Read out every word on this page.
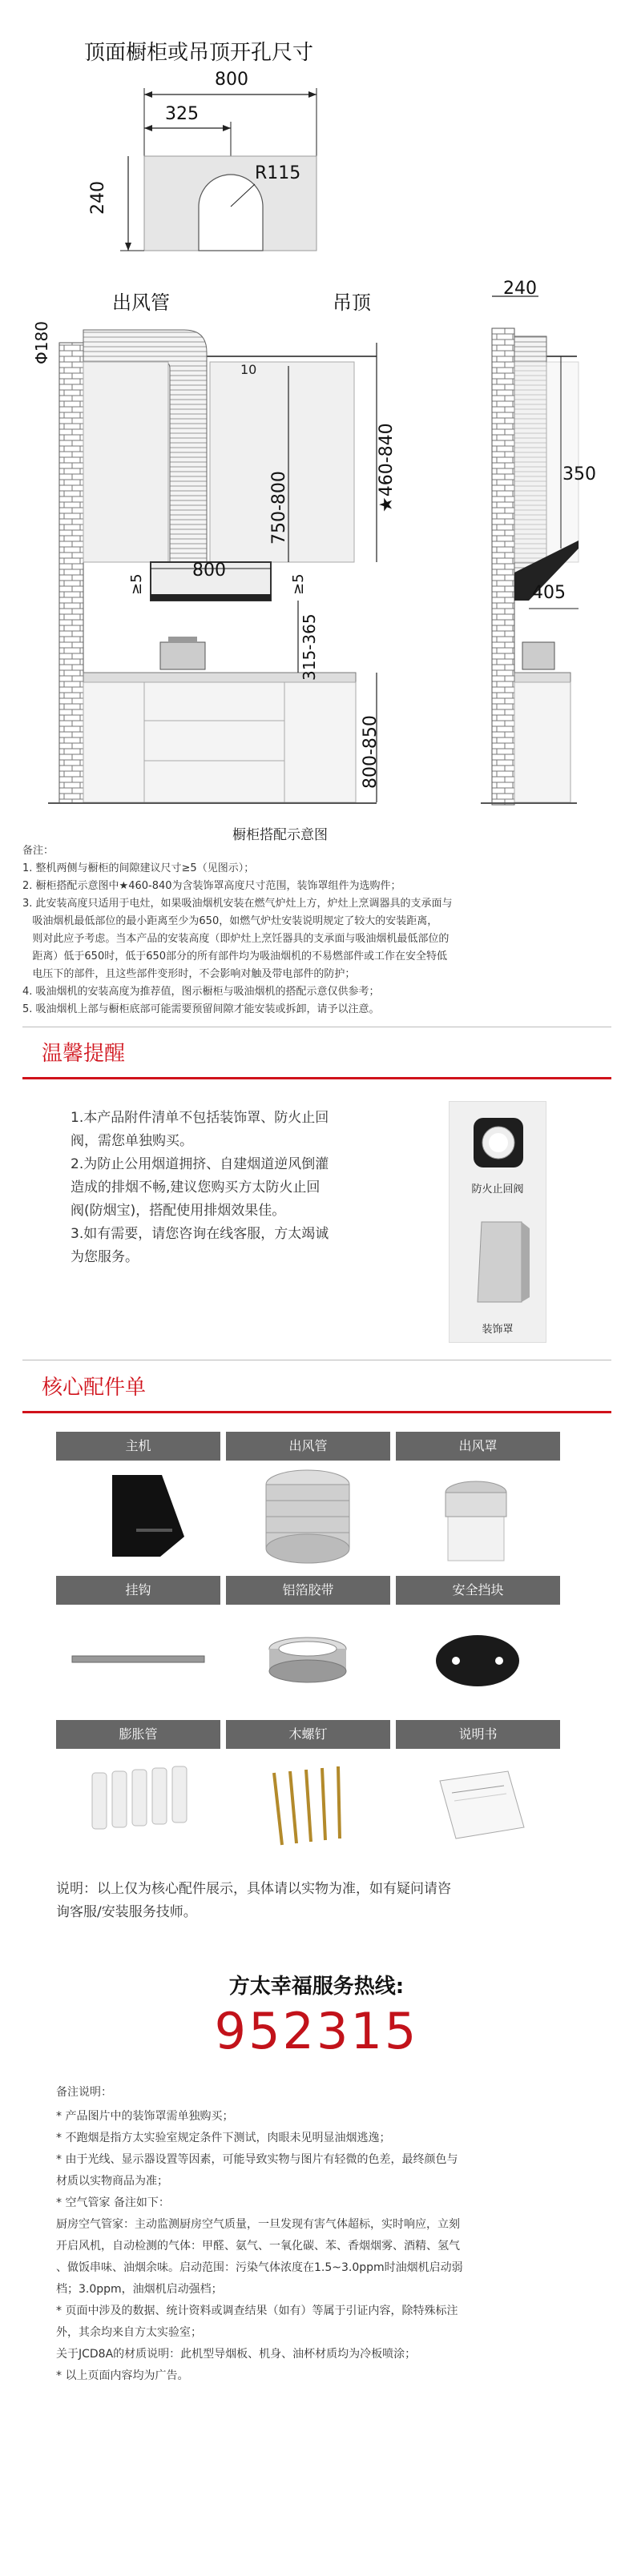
顶面橱柜或吊顶开孔尺寸
800
325
R115
240
出风管	吊顶
Φ180
10
★460-840
750-800
≥5
800
≥5
315-365
800-850
240
350
405
橱柜搭配示意图
备注：
1. 整机两侧与橱柜的间隙建议尺寸≥5（见图示）；
2. 橱柜搭配示意图中★460-840为含装饰罩高度尺寸范围，装饰罩组件为选购件；
3. 此安装高度只适用于电灶，如果吸油烟机安装在燃气炉灶上方，炉灶上烹调器具的支承面与
吸油烟机最低部位的最小距离至少为650，如燃气炉灶安装说明规定了较大的安装距离，
则对此应予考虑。当本产品的安装高度（即炉灶上烹饪器具的支承面与吸油烟机最低部位的
距离）低于650时，低于650部分的所有部件均为吸油烟机的不易燃部件或工作在安全特低
电压下的部件，且这些部件变形时，不会影响对触及带电部件的防护；
4. 吸油烟机的安装高度为推荐值，图示橱柜与吸油烟机的搭配示意仅供参考；
5. 吸油烟机上部与橱柜底部可能需要预留间隙才能安装或拆卸，请予以注意。
温馨提醒
1.本产品附件清单不包括装饰罩、防火止回
阀，需您单独购买。
2.为防止公用烟道拥挤、自建烟道逆风倒灌
造成的排烟不畅,建议您购买方太防火止回
阀(防烟宝)，搭配使用排烟效果佳。
3.如有需要，请您咨询在线客服，方太竭诚
为您服务。
防火止回阀
装饰罩
核心配件单
主机	出风管	出风罩
挂钩	铝箔胶带	安全挡块
膨胀管	木螺钉	说明书
说明：以上仅为核心配件展示，具体请以实物为准，如有疑问请咨
询客服/安装服务技师。
方太幸福服务热线:
952315
备注说明：
* 产品图片中的装饰罩需单独购买；
* 不跑烟是指方太实验室规定条件下测试，肉眼未见明显油烟逃逸；
* 由于光线、显示器设置等因素，可能导致实物与图片有轻微的色差，最终颜色与
材质以实物商品为准；
* 空气管家 备注如下：
厨房空气管家：主动监测厨房空气质量，一旦发现有害气体超标，实时响应，立刻
开启风机，自动检测的气体：甲醛、氨气、一氧化碳、苯、香烟烟雾、酒精、氢气
、做饭串味、油烟余味。启动范围：污染气体浓度在1.5~3.0ppm时油烟机启动弱
档；3.0ppm，油烟机启动强档；
* 页面中涉及的数据、统计资料或调查结果（如有）等属于引证内容，除特殊标注
外，其余均来自方太实验室；
关于JCD8A的材质说明：此机型导烟板、机身、油杯材质均为冷板喷涂；
* 以上页面内容均为广告。
